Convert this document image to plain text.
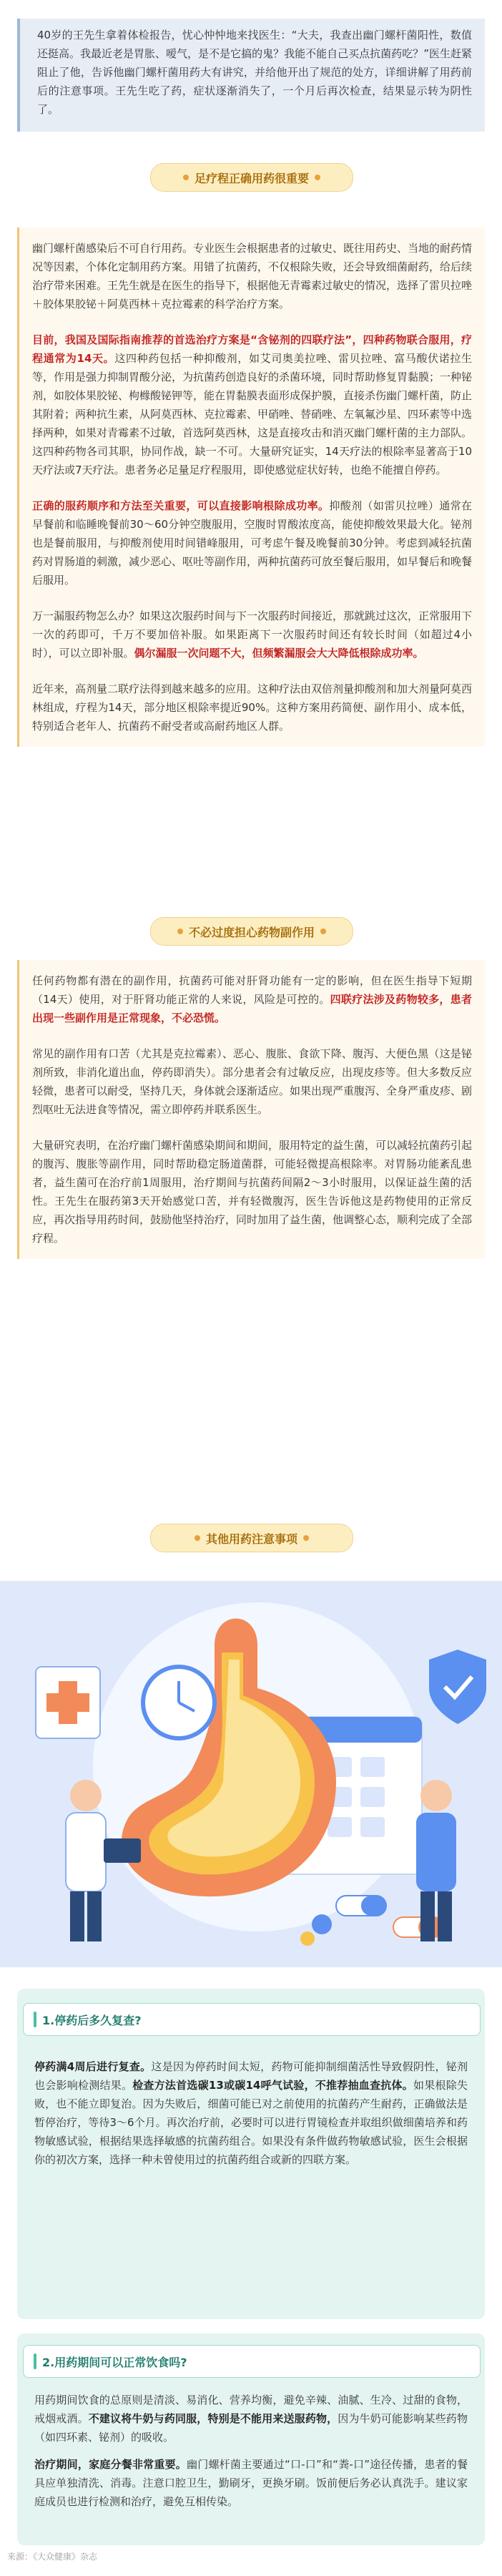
40岁的王先生拿着体检报告，忧心忡忡地来找医生：“大夫，我查出幽门螺杆菌阳性，数值还挺高。我最近老是胃胀、嗳气，是不是它搞的鬼？我能不能自己买点抗菌药吃？”医生赶紧阻止了他，告诉他幽门螺杆菌用药大有讲究，并给他开出了规范的处方，详细讲解了用药前后的注意事项。王先生吃了药，症状逐渐消失了，一个月后再次检查，结果显示转为阴性了。

足疗程正确用药很重要

幽门螺杆菌感染后不可自行用药。专业医生会根据患者的过敏史、既往用药史、当地的耐药情况等因素，个体化定制用药方案。用错了抗菌药，不仅根除失败，还会导致细菌耐药，给后续治疗带来困难。王先生就是在医生的指导下，根据他无青霉素过敏史的情况，选择了雷贝拉唑＋胶体果胶铋＋阿莫西林＋克拉霉素的科学治疗方案。

目前，我国及国际指南推荐的首选治疗方案是“含铋剂的四联疗法”，四种药物联合服用，疗程通常为14天。这四种药包括一种抑酸剂，如艾司奥美拉唑、雷贝拉唑、富马酸伏诺拉生等，作用是强力抑制胃酸分泌，为抗菌药创造良好的杀菌环境，同时帮助修复胃黏膜；一种铋剂，如胶体果胶铋、枸橼酸铋钾等，能在胃黏膜表面形成保护膜，直接杀伤幽门螺杆菌，防止其附着；两种抗生素，从阿莫西林、克拉霉素、甲硝唑、替硝唑、左氧氟沙星、四环素等中选择两种，如果对青霉素不过敏，首选阿莫西林，这是直接攻击和消灭幽门螺杆菌的主力部队。这四种药物各司其职，协同作战，缺一不可。大量研究证实，14天疗法的根除率显著高于10天疗法或7天疗法。患者务必足量足疗程服用，即使感觉症状好转，也绝不能擅自停药。

正确的服药顺序和方法至关重要，可以直接影响根除成功率。抑酸剂（如雷贝拉唑）通常在早餐前和临睡晚餐前30～60分钟空腹服用，空腹时胃酸浓度高，能使抑酸效果最大化。铋剂也是餐前服用，与抑酸剂使用时间错峰服用，可考虑午餐及晚餐前30分钟。考虑到减轻抗菌药对胃肠道的刺激，减少恶心、呕吐等副作用，两种抗菌药可放至餐后服用，如早餐后和晚餐后服用。

万一漏服药物怎么办？如果这次服药时间与下一次服药时间接近，那就跳过这次，正常服用下一次的药即可，千万不要加倍补服。如果距离下一次服药时间还有较长时间（如超过4小时），可以立即补服。偶尔漏服一次问题不大，但频繁漏服会大大降低根除成功率。

近年来，高剂量二联疗法得到越来越多的应用。这种疗法由双倍剂量抑酸剂和加大剂量阿莫西林组成，疗程为14天，部分地区根除率提近90%。这种方案用药简便、副作用小、成本低，特别适合老年人、抗菌药不耐受者或高耐药地区人群。

不必过度担心药物副作用

任何药物都有潜在的副作用，抗菌药可能对肝肾功能有一定的影响，但在医生指导下短期（14天）使用，对于肝肾功能正常的人来说，风险是可控的。四联疗法涉及药物较多，患者出现一些副作用是正常现象，不必恐慌。

常见的副作用有口苦（尤其是克拉霉素）、恶心、腹胀、食欲下降、腹泻、大便色黑（这是铋剂所致，非消化道出血，停药即消失）。部分患者会有过敏反应，出现皮疹等。但大多数反应轻微，患者可以耐受，坚持几天，身体就会逐渐适应。如果出现严重腹泻、全身严重皮疹、剧烈呕吐无法进食等情况，需立即停药并联系医生。

大量研究表明，在治疗幽门螺杆菌感染期间和期间，服用特定的益生菌，可以减轻抗菌药引起的腹泻、腹胀等副作用，同时帮助稳定肠道菌群，可能轻微提高根除率。对胃肠功能紊乱患者，益生菌可在治疗前1周服用，治疗期间与抗菌药间隔2～3小时服用，以保证益生菌的活性。王先生在服药第3天开始感觉口苦，并有轻微腹泻，医生告诉他这是药物使用的正常反应，再次指导用药时间，鼓励他坚持治疗，同时加用了益生菌，他调整心态，顺利完成了全部疗程。

其他用药注意事项

停药满4周后进行复查。这是因为停药时间太短，药物可能抑制细菌活性导致假阴性，铋剂也会影响检测结果。检查方法首选碳13或碳14呼气试验，不推荐抽血查抗体。如果根除失败，也不能立即复治。因为失败后，细菌可能已对之前使用的抗菌药产生耐药，正确做法是暂停治疗，等待3～6个月。再次治疗前，必要时可以进行胃镜检查并取组织做细菌培养和药物敏感试验，根据结果选择敏感的抗菌药组合。如果没有条件做药物敏感试验，医生会根据你的初次方案，选择一种未曾使用过的抗菌药组合或新的四联方案。

1.停药后多久复查?

用药期间饮食的总原则是清淡、易消化、营养均衡，避免辛辣、油腻、生冷、过甜的食物，戒烟戒酒。不建议将牛奶与药同服，特别是不能用来送服药物，因为牛奶可能影响某些药物（如四环素、铋剂）的吸收。

治疗期间，家庭分餐非常重要。幽门螺杆菌主要通过“口-口”和“粪-口”途径传播，患者的餐具应单独清洗、消毒。注意口腔卫生，勤刷牙，更换牙刷。饭前便后务必认真洗手。建议家庭成员也进行检测和治疗，避免互相传染。

2.用药期间可以正常饮食吗?
来源：《大众健康》杂志
